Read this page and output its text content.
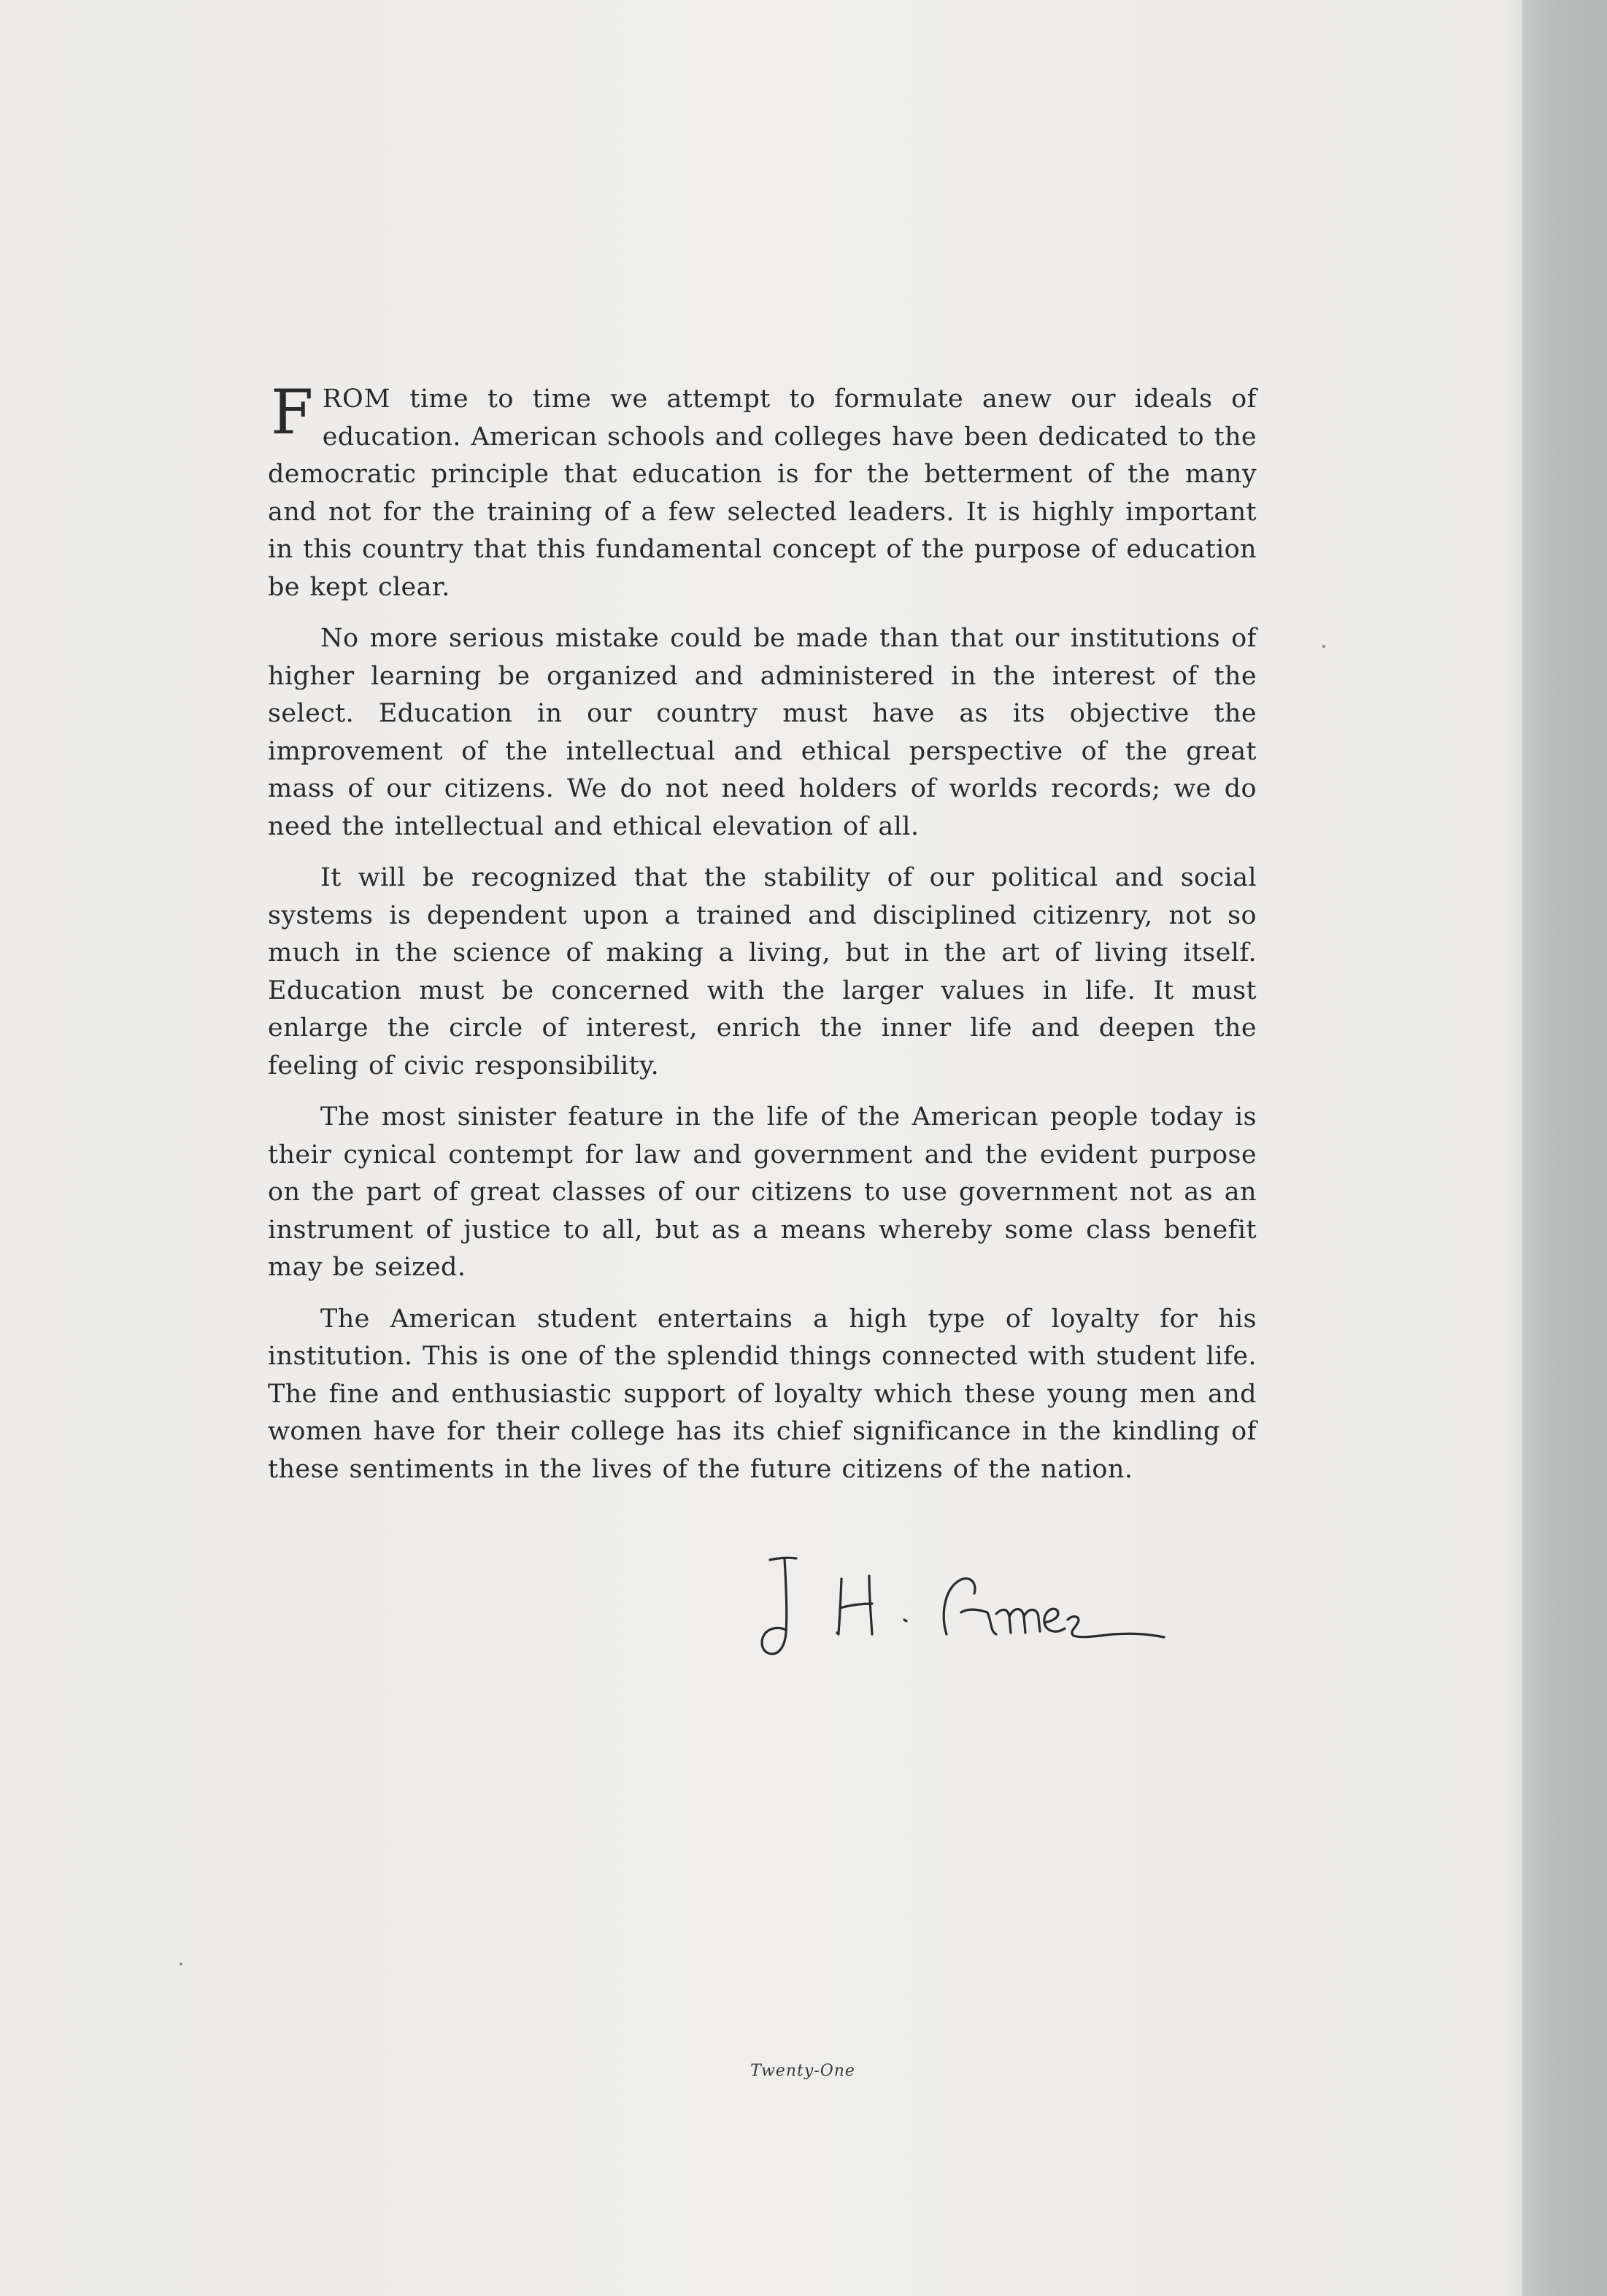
FROM time to time we attempt to formulate anew our ideals of education. American schools and colleges have been dedicated to the democratic principle that education is for the betterment of the many and not for the training of a few selected leaders. It is highly important in this country that this fundamental concept of the purpose of education be kept clear.

No more serious mistake could be made than that our institutions of higher learning be organized and administered in the interest of the select. Education in our country must have as its objective the improvement of the intellectual and ethical perspective of the great mass of our citizens. We do not need holders of worlds records; we do need the intellectual and ethical elevation of all.

It will be recognized that the stability of our political and social systems is dependent upon a trained and disciplined citizenry, not so much in the science of making a living, but in the art of living itself. Education must be concerned with the larger values in life. It must enlarge the circle of interest, enrich the inner life and deepen the feeling of civic responsibility.

The most sinister feature in the life of the American people today is their cynical contempt for law and government and the evident purpose on the part of great classes of our citizens to use government not as an instrument of justice to all, but as a means whereby some class benefit may be seized.

The American student entertains a high type of loyalty for his institution. This is one of the splendid things connected with student life. The fine and enthusiastic support of loyalty which these young men and women have for their college has its chief significance in the kindling of these sentiments in the lives of the future citizens of the nation.

Twenty-One
